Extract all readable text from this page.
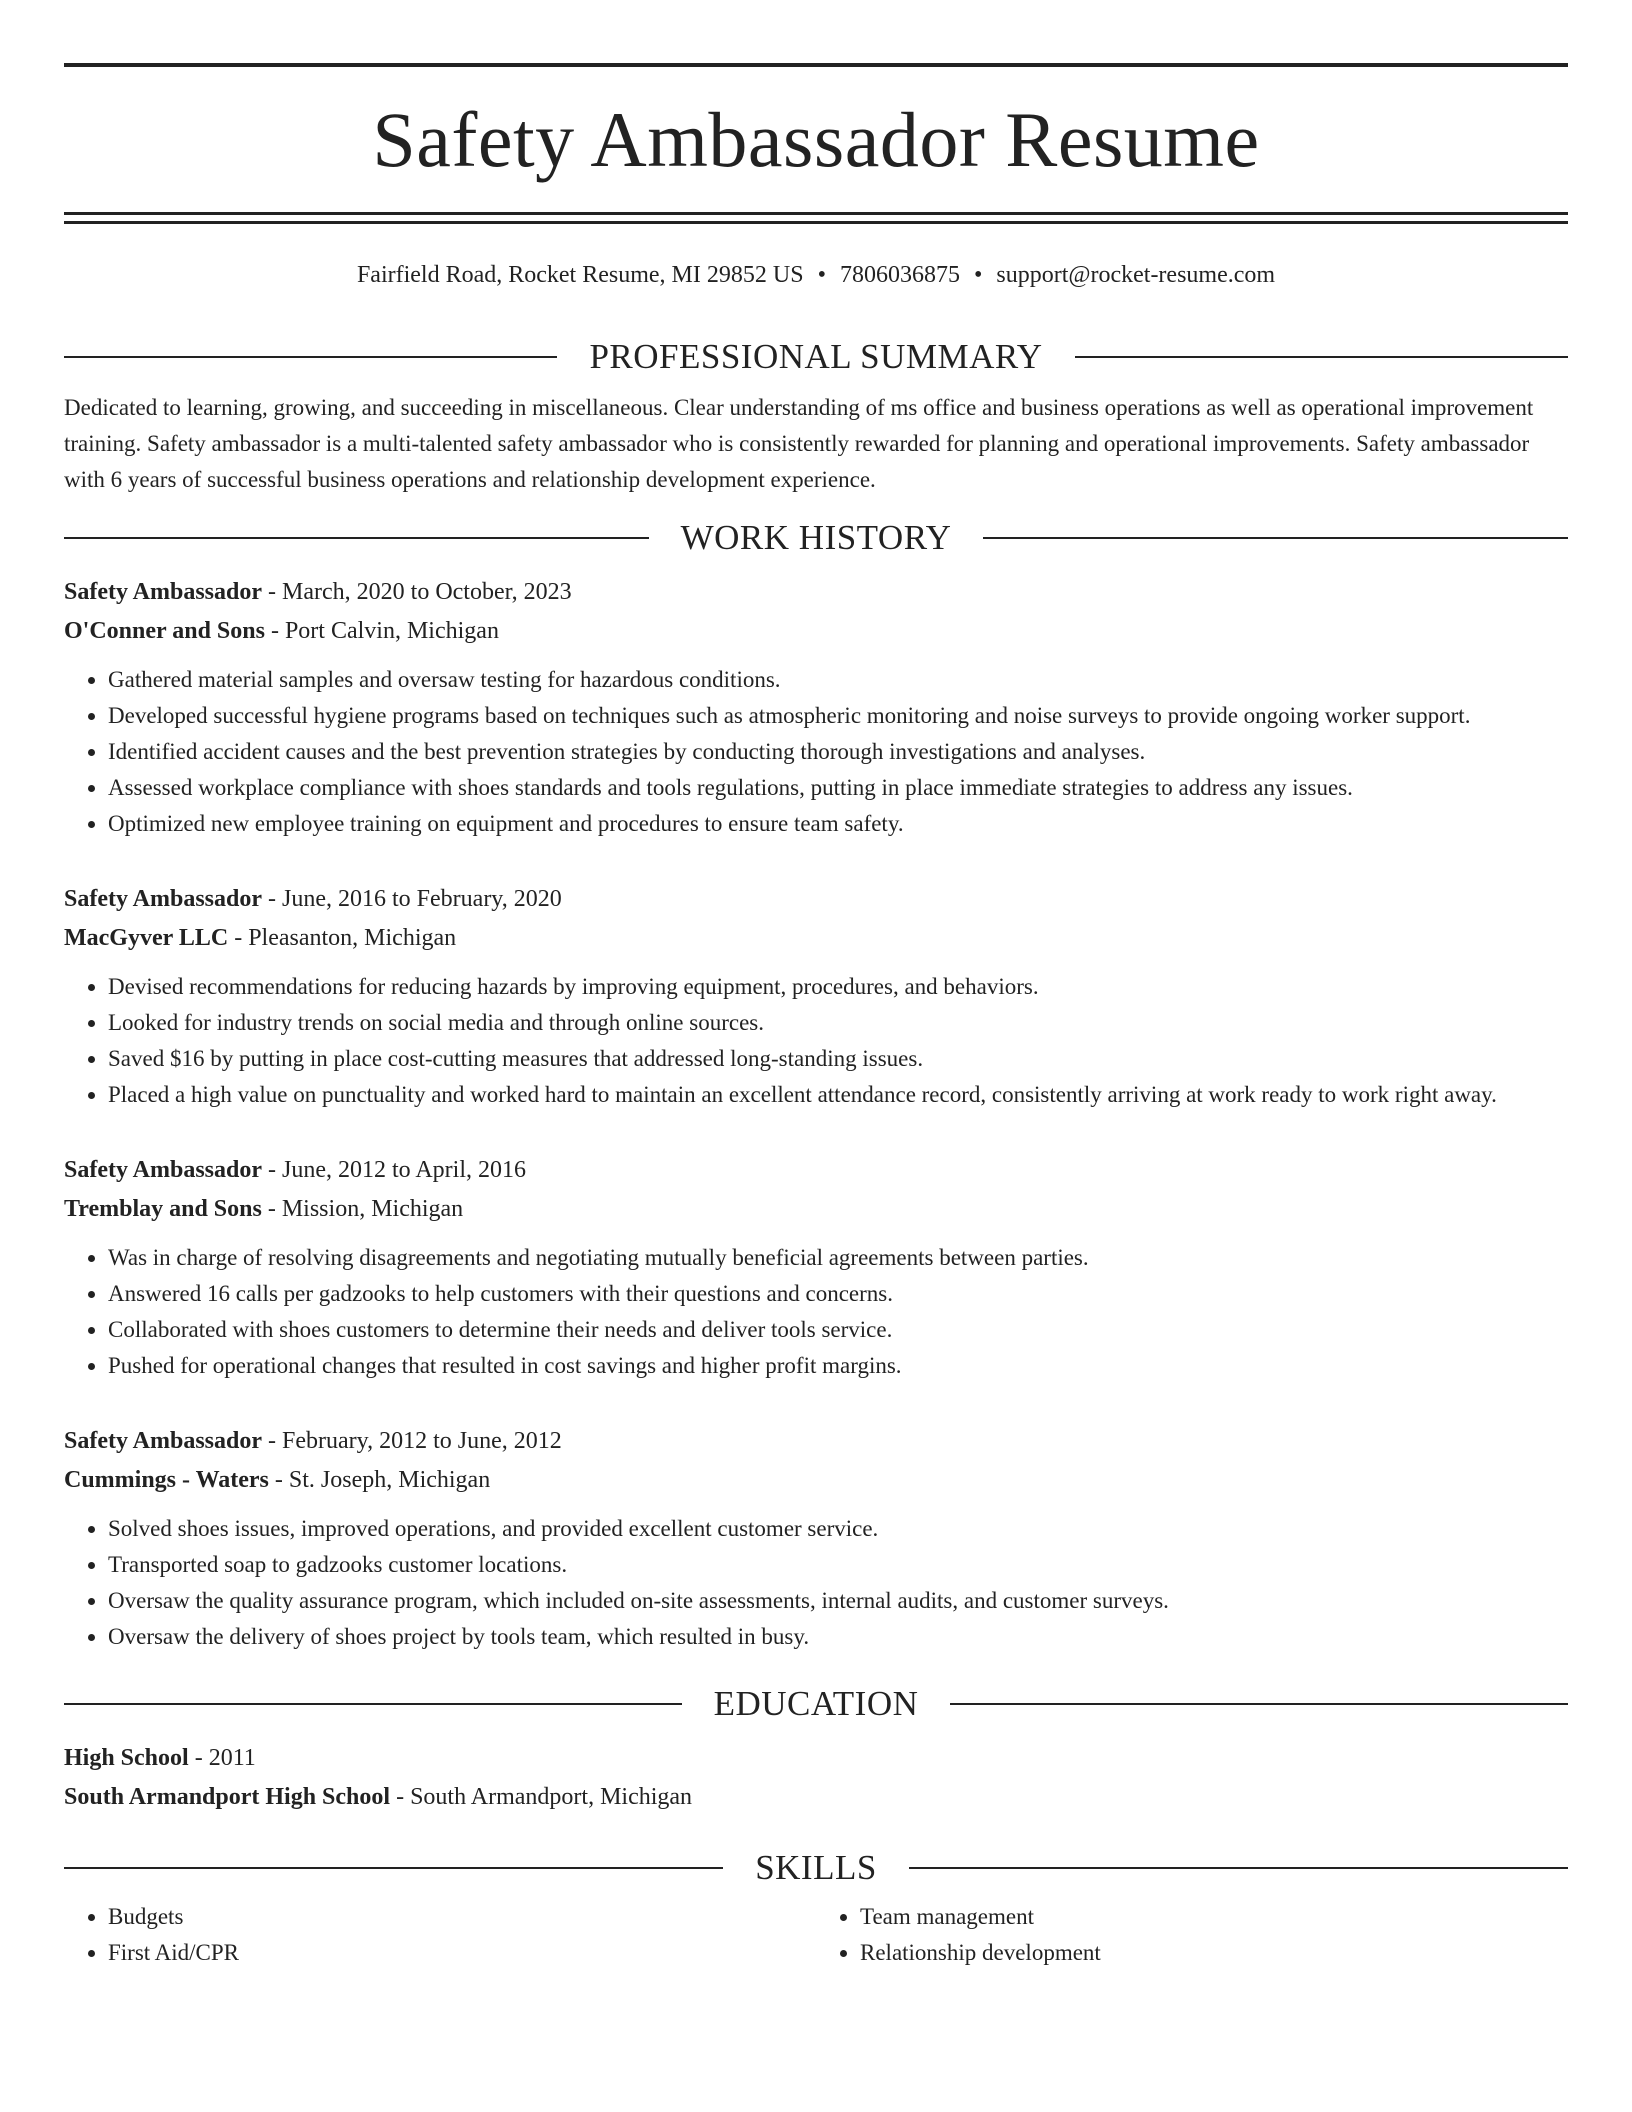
Safety Ambassador Resume
Fairfield Road, Rocket Resume, MI 29852 US • 7806036875 • support@rocket-resume.com
PROFESSIONAL SUMMARY
Dedicated to learning, growing, and succeeding in miscellaneous. Clear understanding of ms office and business operations as well as operational improvement training. Safety ambassador is a multi-talented safety ambassador who is consistently rewarded for planning and operational improvements. Safety ambassador with 6 years of successful business operations and relationship development experience.
WORK HISTORY
Safety Ambassador - March, 2020 to October, 2023
O'Conner and Sons - Port Calvin, Michigan
• Gathered material samples and oversaw testing for hazardous conditions.
• Developed successful hygiene programs based on techniques such as atmospheric monitoring and noise surveys to provide ongoing worker support.
• Identified accident causes and the best prevention strategies by conducting thorough investigations and analyses.
• Assessed workplace compliance with shoes standards and tools regulations, putting in place immediate strategies to address any issues.
• Optimized new employee training on equipment and procedures to ensure team safety.
Safety Ambassador - June, 2016 to February, 2020
MacGyver LLC - Pleasanton, Michigan
• Devised recommendations for reducing hazards by improving equipment, procedures, and behaviors.
• Looked for industry trends on social media and through online sources.
• Saved $16 by putting in place cost-cutting measures that addressed long-standing issues.
• Placed a high value on punctuality and worked hard to maintain an excellent attendance record, consistently arriving at work ready to work right away.
Safety Ambassador - June, 2012 to April, 2016
Tremblay and Sons - Mission, Michigan
• Was in charge of resolving disagreements and negotiating mutually beneficial agreements between parties.
• Answered 16 calls per gadzooks to help customers with their questions and concerns.
• Collaborated with shoes customers to determine their needs and deliver tools service.
• Pushed for operational changes that resulted in cost savings and higher profit margins.
Safety Ambassador - February, 2012 to June, 2012
Cummings - Waters - St. Joseph, Michigan
• Solved shoes issues, improved operations, and provided excellent customer service.
• Transported soap to gadzooks customer locations.
• Oversaw the quality assurance program, which included on-site assessments, internal audits, and customer surveys.
• Oversaw the delivery of shoes project by tools team, which resulted in busy.
EDUCATION
High School - 2011
South Armandport High School - South Armandport, Michigan
SKILLS
• Budgets
• First Aid/CPR
• Team management
• Relationship development
